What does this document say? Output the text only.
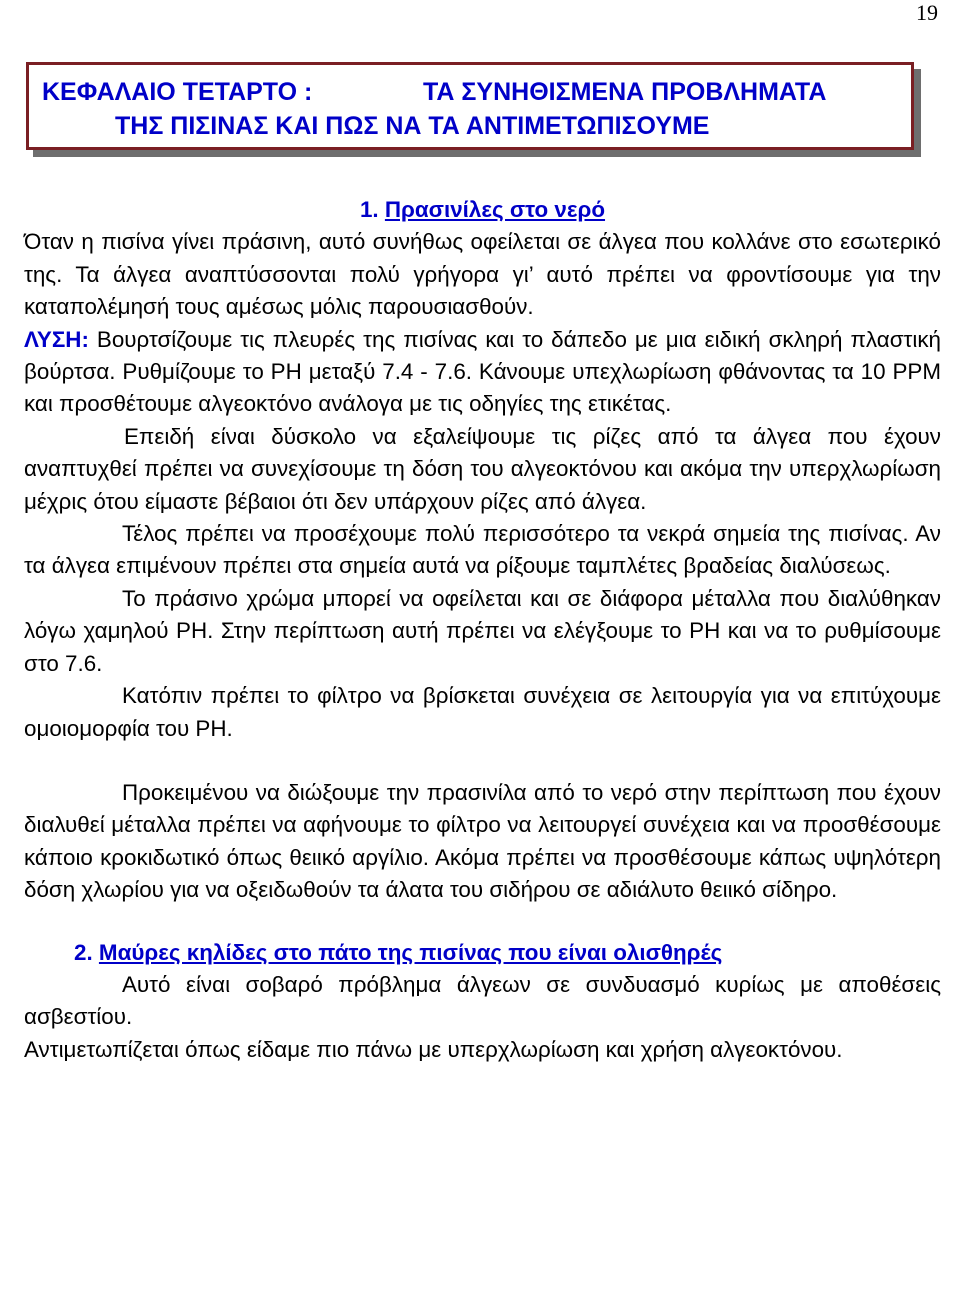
19
ΚΕΦΑΛΑΙΟ ΤΕΤΑΡΤΟ :	ΤΑ ΣΥΝΗΘΙΣΜΕΝΑ ΠΡΟΒΛΗΜΑΤΑ
ΤΗΣ ΠΙΣΙΝΑΣ ΚΑΙ ΠΩΣ ΝΑ ΤΑ ΑΝΤΙΜΕΤΩΠΙΣΟΥΜΕ

1. Πρασινίλες στο νερό

Όταν η πισίνα γίνει πράσινη, αυτό συνήθως οφείλεται σε άλγεα που κολλάνε στο εσωτερικό της. Τα άλγεα αναπτύσσονται πολύ γρήγορα γι’ αυτό πρέπει να φροντίσουμε για την καταπολέμησή τους αμέσως μόλις παρουσιασθούν.

ΛΥΣΗ: Βουρτσίζουμε τις πλευρές της πισίνας και το δάπεδο με μια ειδική σκληρή πλαστική βούρτσα. Ρυθμίζουμε το PH μεταξύ 7.4 - 7.6. Κάνουμε υπεχλωρίωση φθάνοντας τα 10 PPM και προσθέτουμε αλγεοκτόνο ανάλογα με τις οδηγίες της ετικέτας.

Επειδή είναι δύσκολο να εξαλείψουμε τις ρίζες από τα άλγεα που έχουν αναπτυχθεί πρέπει να συνεχίσουμε τη δόση του αλγεοκτόνου και ακόμα την υπερχλωρίωση μέχρις ότου είμαστε βέβαιοι ότι δεν υπάρχουν ρίζες από άλγεα.

Τέλος πρέπει να προσέχουμε πολύ περισσότερο τα νεκρά σημεία της πισίνας. Αν τα άλγεα επιμένουν πρέπει στα σημεία αυτά να ρίξουμε ταμπλέτες βραδείας διαλύσεως.

Το πράσινο χρώμα μπορεί να οφείλεται και σε διάφορα μέταλλα που διαλύθηκαν λόγω χαμηλού PH. Στην περίπτωση αυτή πρέπει να ελέγξουμε το PH και να το ρυθμίσουμε στο 7.6.

Κατόπιν πρέπει το φίλτρο να βρίσκεται συνέχεια σε λειτουργία για να επιτύχουμε ομοιομορφία του PH.

Προκειμένου να διώξουμε την πρασινίλα από το νερό στην περίπτωση που έχουν διαλυθεί μέταλλα πρέπει να αφήνουμε το φίλτρο να λειτουργεί συνέχεια και να προσθέσουμε κάποιο κροκιδωτικό όπως θειικό αργίλιο. Ακόμα πρέπει να προσθέσουμε κάπως υψηλότερη δόση χλωρίου για να οξειδωθούν τα άλατα του σιδήρου σε αδιάλυτο θειικό σίδηρο.

2. Μαύρες κηλίδες στο πάτο της πισίνας που είναι ολισθηρές

Αυτό είναι σοβαρό πρόβλημα άλγεων σε συνδυασμό κυρίως με αποθέσεις ασβεστίου.

Αντιμετωπίζεται όπως είδαμε πιο πάνω με υπερχλωρίωση και χρήση αλγεοκτόνου.
